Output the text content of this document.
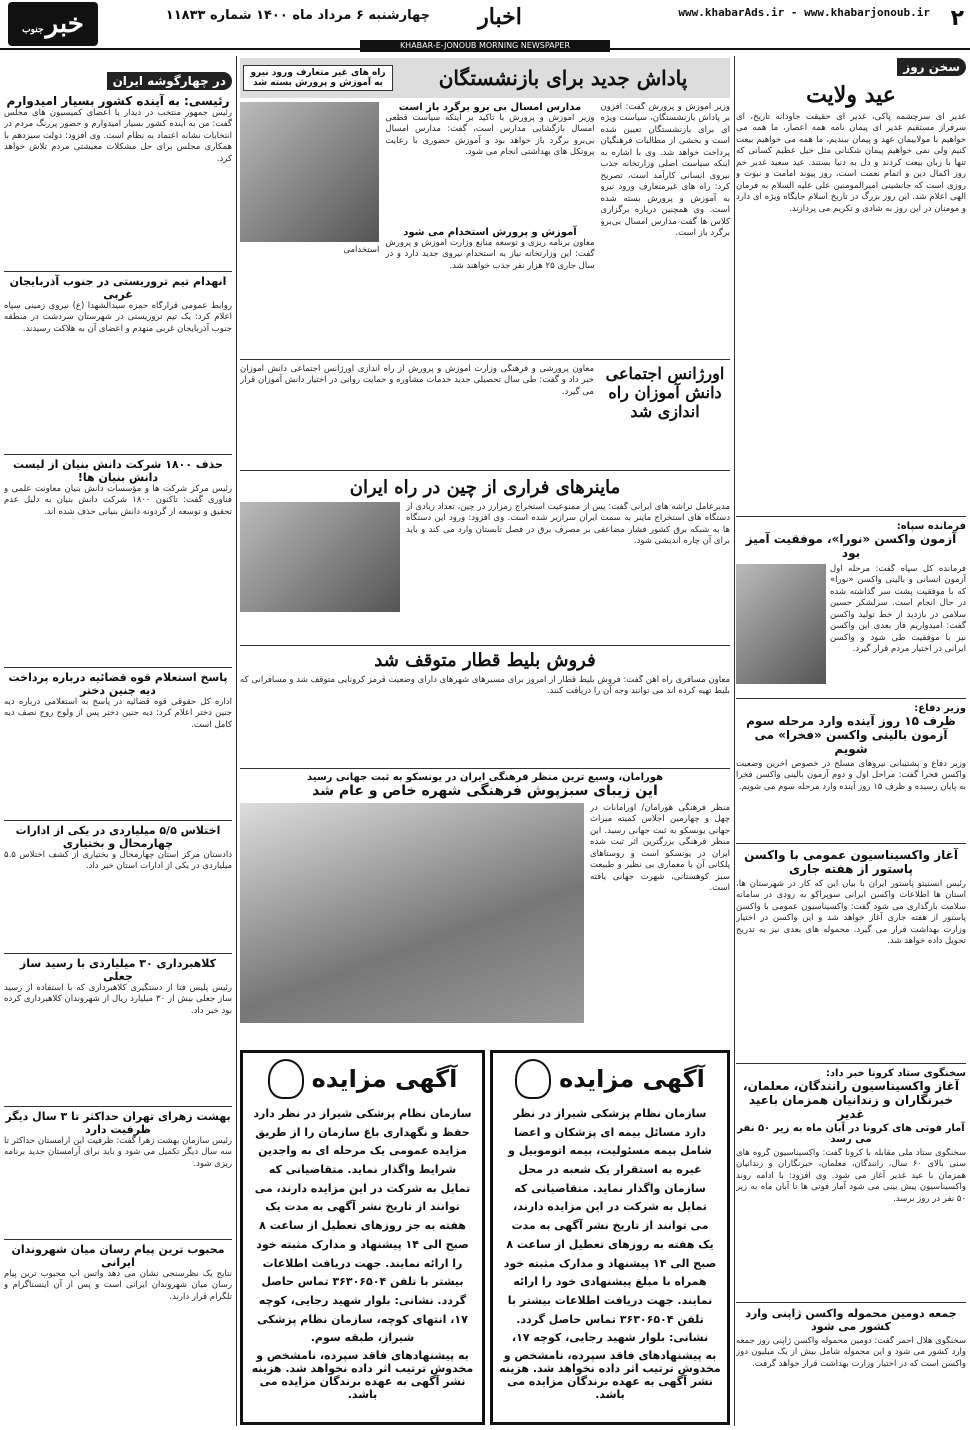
۲
www.khabarAds.ir - www.khabarjonoub.ir
اخبار
چهارشنبه ۶ مرداد ماه ۱۴۰۰ شماره ۱۱۸۳۳
خبرجنوب
KHABAR-E-JONOUB MORNING NEWSPAPER
سخن روز
عید ولایت
غدیر ای سرچشمه پاکی، غدیر ای حقیقت جاودانه تاریخ، ای سرفراز مستقیم غدیر ای پیمان نامه همه اعصار، ما همه می خواهیم با مولاییمان عهد و پیمان ببندیم، ما همه می خواهیم بیعت کنیم ولی نمی خواهیم پیمان شکنانی مثل خیل عظیم کسانی که تنها با زبان بیعت کردند و دل به دنیا بستند. عید سعید غدیر خم روز اکمال دین و اتمام نعمت است، روز پیوند امامت و نبوت و روزی است که جانشینی امیرالمومنین علی علیه السلام به فرمان الهی اعلام شد. این روز بزرگ در تاریخ اسلام جایگاه ویژه ای دارد و مومنان در این روز به شادی و تکریم می پردازند.
فرمانده سپاه:
آزمون واکسن «نورا»، موفقیت آمیز بود
فرمانده کل سپاه گفت: مرحله اول آزمون انسانی و بالینی واکسن «نورا» که با موفقیت پشت سر گذاشته شده در حال انجام است. سرلشکر حسین سلامی در بازدید از خط تولید واکسن گفت: امیدواریم فاز بعدی این واکسن نیز با موفقیت طی شود و واکسن ایرانی در اختیار مردم قرار گیرد.
وزیر دفاع:
ظرف ۱۵ روز آینده وارد مرحله سوم آزمون بالینی واکسن «فخرا» می شویم
وزیر دفاع و پشتیبانی نیروهای مسلح در خصوص آخرین وضعیت واکسن فخرا گفت: مراحل اول و دوم آزمون بالینی واکسن فخرا به پایان رسیده و ظرف ۱۵ روز آینده وارد مرحله سوم می شویم.
آغاز واکسیناسیون عمومی با واکسن پاستور از هفته جاری
رئیس انستیتو پاستور ایران با بیان این که کار در شهرستان ها، استان ها اطلاعات واکسن ایرانی سوپراکو به زودی در سامانه سلامت بارگذاری می شود گفت: واکسیناسیون عمومی با واکسن پاستور از هفته جاری آغاز خواهد شد و این واکسن در اختیار وزارت بهداشت قرار می گیرد. محموله های بعدی نیز به تدریج تحویل داده خواهد شد.
سخنگوی ستاد کرونا خبر داد:
آغاز واکسیناسیون رانندگان، معلمان، خبرنگاران و زندانیان همزمان باعید غدیر
آمار فوتی های کرونا در آبان ماه به زیر ۵۰ نفر می رسد
سخنگوی ستاد ملی مقابله با کرونا گفت: واکسیناسیون گروه های سنی بالای ۶۰ سال، رانندگان، معلمان، خبرنگاران و زندانیان همزمان با عید غدیر آغاز می شود. وی افزود: با ادامه روند واکسیناسیون پیش بینی می شود آمار فوتی ها تا آبان ماه به زیر ۵۰ نفر در روز برسد.
جمعه دومین محموله واکسن ژاپنی وارد کشور می شود
سخنگوی هلال احمر گفت: دومین محموله واکسن ژاپنی روز جمعه وارد کشور می شود و این محموله شامل بیش از یک میلیون دوز واکسن است که در اختیار وزارت بهداشت قرار خواهد گرفت.
پاداش جدید برای بازنشستگان
راه های غیر متعارف ورود نیرو به آموزش و پرورش بسته شد
وزیر آموزش و پرورش گفت: افزون بر پاداش بازنشستگان، سیاست ویژه ای برای بازنشستگان تعیین شده است و بخشی از مطالبات فرهنگیان پرداخت خواهد شد. وی با اشاره به اینکه سیاست اصلی وزارتخانه جذب نیروی انسانی کارآمد است، تصریح کرد: راه های غیرمتعارف ورود نیرو به آموزش و پرورش بسته شده است. وی همچنین درباره برگزاری کلاس ها گفت مدارس امسال بی‌برو برگرد باز است.
مدارس امسال بی برو برگرد باز است
وزیر آموزش و پرورش با تاکید بر اینکه سیاست قطعی امسال بازگشایی مدارس است، گفت: مدارس امسال بی‌برو برگرد باز خواهد بود و آموزش حضوری با رعایت پروتکل های بهداشتی انجام می شود.
آموزش و پرورش استخدام می شود
معاون برنامه ریزی و توسعه منابع وزارت آموزش و پرورش گفت: این وزارتخانه نیاز به استخدام نیروی جدید دارد و در سال جاری ۲۵ هزار نفر جذب خواهند شد.
استخدامی
اورژانس اجتماعی دانش آموزان راه اندازی شد
معاون پرورشی و فرهنگی وزارت آموزش و پرورش از راه اندازی اورژانس اجتماعی دانش آموزان خبر داد و گفت: طی سال تحصیلی جدید خدمات مشاوره و حمایت روانی در اختیار دانش آموزان قرار می گیرد.
ماینرهای فراری از چین در راه ایران
مدیرعامل تراشه های ایرانی گفت: پس از ممنوعیت استخراج رمزارز در چین، تعداد زیادی از دستگاه های استخراج ماینر به سمت ایران سرازیر شده است. وی افزود: ورود این دستگاه ها به شبکه برق کشور فشار مضاعفی بر مصرف برق در فصل تابستان وارد می کند و باید برای آن چاره اندیشی شود.
فروش بلیط قطار متوقف شد
معاون مسافری راه آهن گفت: فروش بلیط قطار از امروز برای مسیرهای شهرهای دارای وضعیت قرمز کرونایی متوقف شد و مسافرانی که بلیط تهیه کرده اند می توانند وجه آن را دریافت کنند.
هورامان، وسیع ترین منظر فرهنگی ایران در یونسکو به ثبت جهانی رسید
این زیبای سبزپوش فرهنگی شهره خاص و عام شد
منظر فرهنگی هورامان/ اورامانات در چهل و چهارمین اجلاس کمیته میراث جهانی یونسکو به ثبت جهانی رسید. این منظر فرهنگی بزرگترین اثر ثبت شده ایران در یونسکو است و روستاهای پلکانی آن با معماری بی نظیر و طبیعت سبز کوهستانی، شهرت جهانی یافته است.
آگهی مزایده
سازمان نظام پزشکی شیراز در نظر دارد مسائل بیمه ای پزشکان و اعضا شامل بیمه مسئولیت، بیمه اتوموبیل و غیره به استقرار یک شعبه در محل سازمان واگذار نماید. متقاضیانی که تمایل به شرکت در این مزایده دارند، می توانند از تاریخ نشر آگهی به مدت یک هفته به روزهای تعطیل از ساعت ۸ صبح الی ۱۴ پیشنهاد و مدارک مثبته خود همراه با مبلغ پیشنهادی خود را ارائه نمایند. جهت دریافت اطلاعات بیشتر با تلفن ۳۶۳۰۶۵۰۴ تماس حاصل گردد. نشانی: بلوار شهید رجایی، کوچه ۱۷،
به پیشنهادهای فاقد سپرده، نامشخص و مخدوش ترتیب اثر داده نخواهد شد. هزینه نشر آگهی به عهده برندگان مزایده می باشد.
آگهی مزایده
سازمان نظام پزشکی شیراز در نظر دارد حفظ و نگهداری باغ سازمان را از طریق مزایده عمومی یک مرحله ای به واجدین شرایط واگذار نماید. متقاضیانی که تمایل به شرکت در این مزایده دارند، می توانند از تاریخ نشر آگهی به مدت یک هفته به جز روزهای تعطیل از ساعت ۸ صبح الی ۱۴ پیشنهاد و مدارک مثبته خود را ارائه نمایند. جهت دریافت اطلاعات بیشتر با تلفن ۳۶۳۰۶۵۰۴ تماس حاصل گردد. نشانی: بلوار شهید رجایی، کوچه ۱۷، انتهای کوچه، سازمان نظام پزشکی شیراز، طبقه سوم.
به پیشنهادهای فاقد سپرده، نامشخص و مخدوش ترتیب اثر داده نخواهد شد. هزینه نشر آگهی به عهده برندگان مزایده می باشد.
در چهارگوشه ایران
رئیسی: به آینده کشور بسیار امیدوارم
رئیس جمهور منتخب در دیدار با اعضای کمیسیون های مجلس گفت: من به آینده کشور بسیار امیدوارم و حضور پررنگ مردم در انتخابات نشانه اعتماد به نظام است. وی افزود: دولت سیزدهم با همکاری مجلس برای حل مشکلات معیشتی مردم تلاش خواهد کرد.
انهدام تیم تروریستی در جنوب آذربایجان غربی
روابط عمومی قرارگاه حمزه سیدالشهدا (ع) نیروی زمینی سپاه اعلام کرد: یک تیم تروریستی در شهرستان سردشت در منطقه جنوب آذربایجان غربی منهدم و اعضای آن به هلاکت رسیدند.
حذف ۱۸۰۰ شرکت دانش بنیان از لیست دانش بنیان ها!
رئیس مرکز شرکت ها و مؤسسات دانش بنیان معاونت علمی و فناوری گفت: تاکنون ۱۸۰۰ شرکت دانش بنیان به دلیل عدم تحقیق و توسعه از گردونه دانش بنیانی حذف شده اند.
پاسخ استعلام قوه قضائیه درباره پرداخت دیه جنین دختر
اداره کل حقوقی قوه قضائیه در پاسخ به استعلامی درباره دیه جنین دختر اعلام کرد: دیه جنین دختر پس از ولوج روح نصف دیه کامل است.
اختلاس ۵/۵ میلیاردی در یکی از ادارات چهارمحال و بختیاری
دادستان مرکز استان چهارمحال و بختیاری از کشف اختلاس ۵.۵ میلیاردی در یکی از ادارات استان خبر داد.
کلاهبرداری ۳۰ میلیاردی با رسید ساز جعلی
رئیس پلیس فتا از دستگیری کلاهبرداری که با استفاده از رسید ساز جعلی بیش از ۳۰ میلیارد ریال از شهروندان کلاهبرداری کرده بود خبر داد.
بهشت زهرای تهران حداکثر تا ۳ سال دیگر ظرفیت دارد
رئیس سازمان بهشت زهرا گفت: ظرفیت این آرامستان حداکثر تا سه سال دیگر تکمیل می شود و باید برای آرامستان جدید برنامه ریزی شود.
محبوب ترین پیام رسان میان شهروندان ایرانی
نتایج یک نظرسنجی نشان می دهد واتس اپ محبوب ترین پیام رسان میان شهروندان ایرانی است و پس از آن اینستاگرام و تلگرام قرار دارند.
